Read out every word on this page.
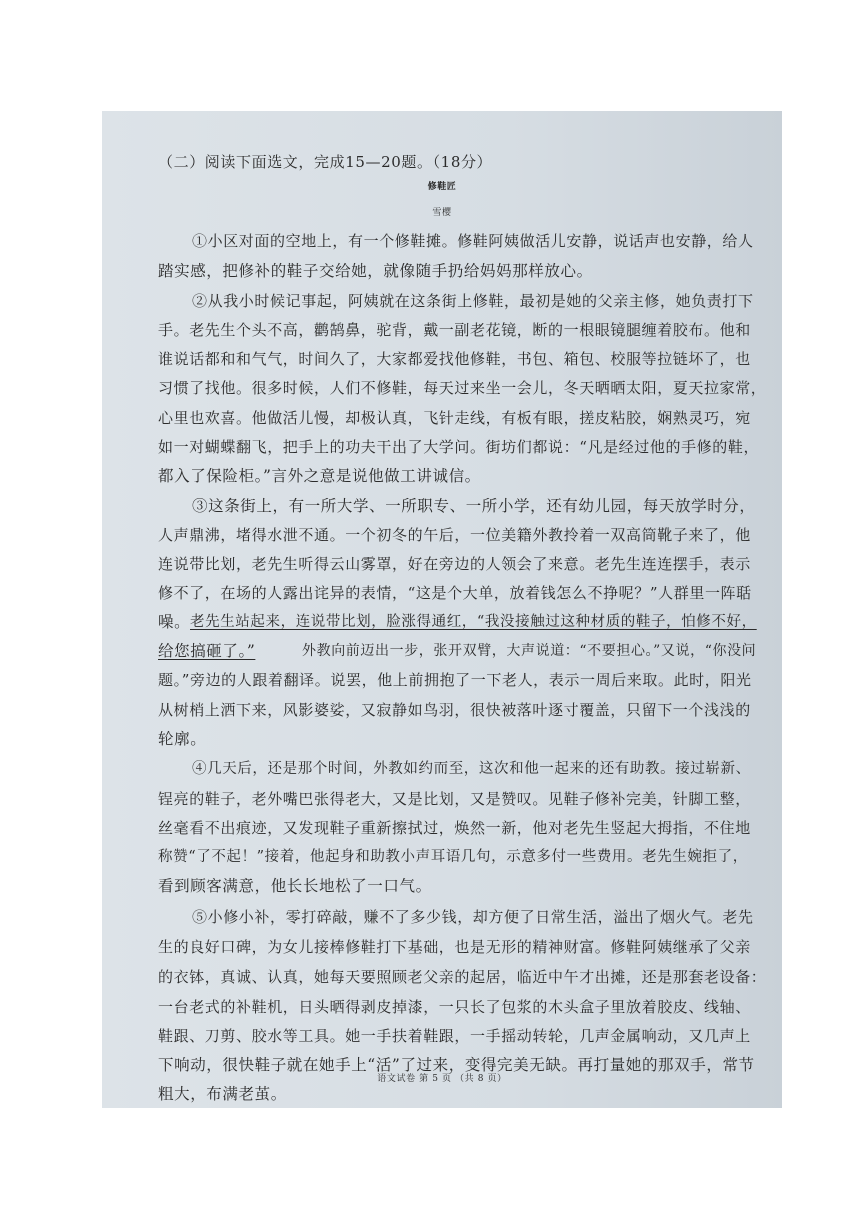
（二）阅读下面选文，完成15—20题。（18分）

修鞋匠

雪樱

①小区对面的空地上，有一个修鞋摊。修鞋阿姨做活儿安静，说话声也安静，给人

踏实感，把修补的鞋子交给她，就像随手扔给妈妈那样放心。

②从我小时候记事起，阿姨就在这条街上修鞋，最初是她的父亲主修，她负责打下

手。老先生个头不高，鹳鹄鼻，驼背，戴一副老花镜，断的一根眼镜腿缠着胶布。他和

谁说话都和和气气，时间久了，大家都爱找他修鞋，书包、箱包、校服等拉链坏了，也

习惯了找他。很多时候，人们不修鞋，每天过来坐一会儿，冬天晒晒太阳，夏天拉家常，

心里也欢喜。他做活儿慢，却极认真，飞针走线，有板有眼，搓皮粘胶，娴熟灵巧，宛

如一对蝴蝶翻飞，把手上的功夫干出了大学问。街坊们都说：“凡是经过他的手修的鞋，

都入了保险柜。”言外之意是说他做工讲诚信。

③这条街上，有一所大学、一所职专、一所小学，还有幼儿园，每天放学时分，

人声鼎沸，堵得水泄不通。一个初冬的午后，一位美籍外教拎着一双高筒靴子来了，他

连说带比划，老先生听得云山雾罩，好在旁边的人领会了来意。老先生连连摆手，表示

修不了，在场的人露出诧异的表情，“这是个大单，放着钱怎么不挣呢？”人群里一阵聒

噪。 老先生站起来，连说带比划，脸涨得通红，“我没接触过这种材质的鞋子，怕修不好，

给您搞砸了。”	外教向前迈出一步，张开双臂，大声说道：“不要担心。”又说，“你没问

题。”旁边的人跟着翻译。说罢，他上前拥抱了一下老人，表示一周后来取。此时，阳光

从树梢上洒下来，风影婆娑，又寂静如鸟羽，很快被落叶逐寸覆盖，只留下一个浅浅的

轮廓。

④几天后，还是那个时间，外教如约而至，这次和他一起来的还有助教。接过崭新、

锃亮的鞋子，老外嘴巴张得老大，又是比划，又是赞叹。见鞋子修补完美，针脚工整，

丝毫看不出痕迹，又发现鞋子重新擦拭过，焕然一新，他对老先生竖起大拇指，不住地

称赞“了不起！”接着，他起身和助教小声耳语几句，示意多付一些费用。老先生婉拒了，

看到顾客满意，他长长地松了一口气。

⑤小修小补，零打碎敲，赚不了多少钱，却方便了日常生活，溢出了烟火气。老先

生的良好口碑，为女儿接棒修鞋打下基础，也是无形的精神财富。修鞋阿姨继承了父亲

的衣钵，真诚、认真，她每天要照顾老父亲的起居，临近中午才出摊，还是那套老设备：

一台老式的补鞋机，日头晒得剥皮掉漆，一只长了包浆的木头盒子里放着胶皮、线轴、

鞋跟、刀剪、胶水等工具。她一手扶着鞋跟，一手摇动转轮，几声金属响动，又几声上

下响动，很快鞋子就在她手上“活”了过来，变得完美无缺。再打量她的那双手，常节

粗大，布满老茧。

语文试卷 第 5 页 （共 8 页）
